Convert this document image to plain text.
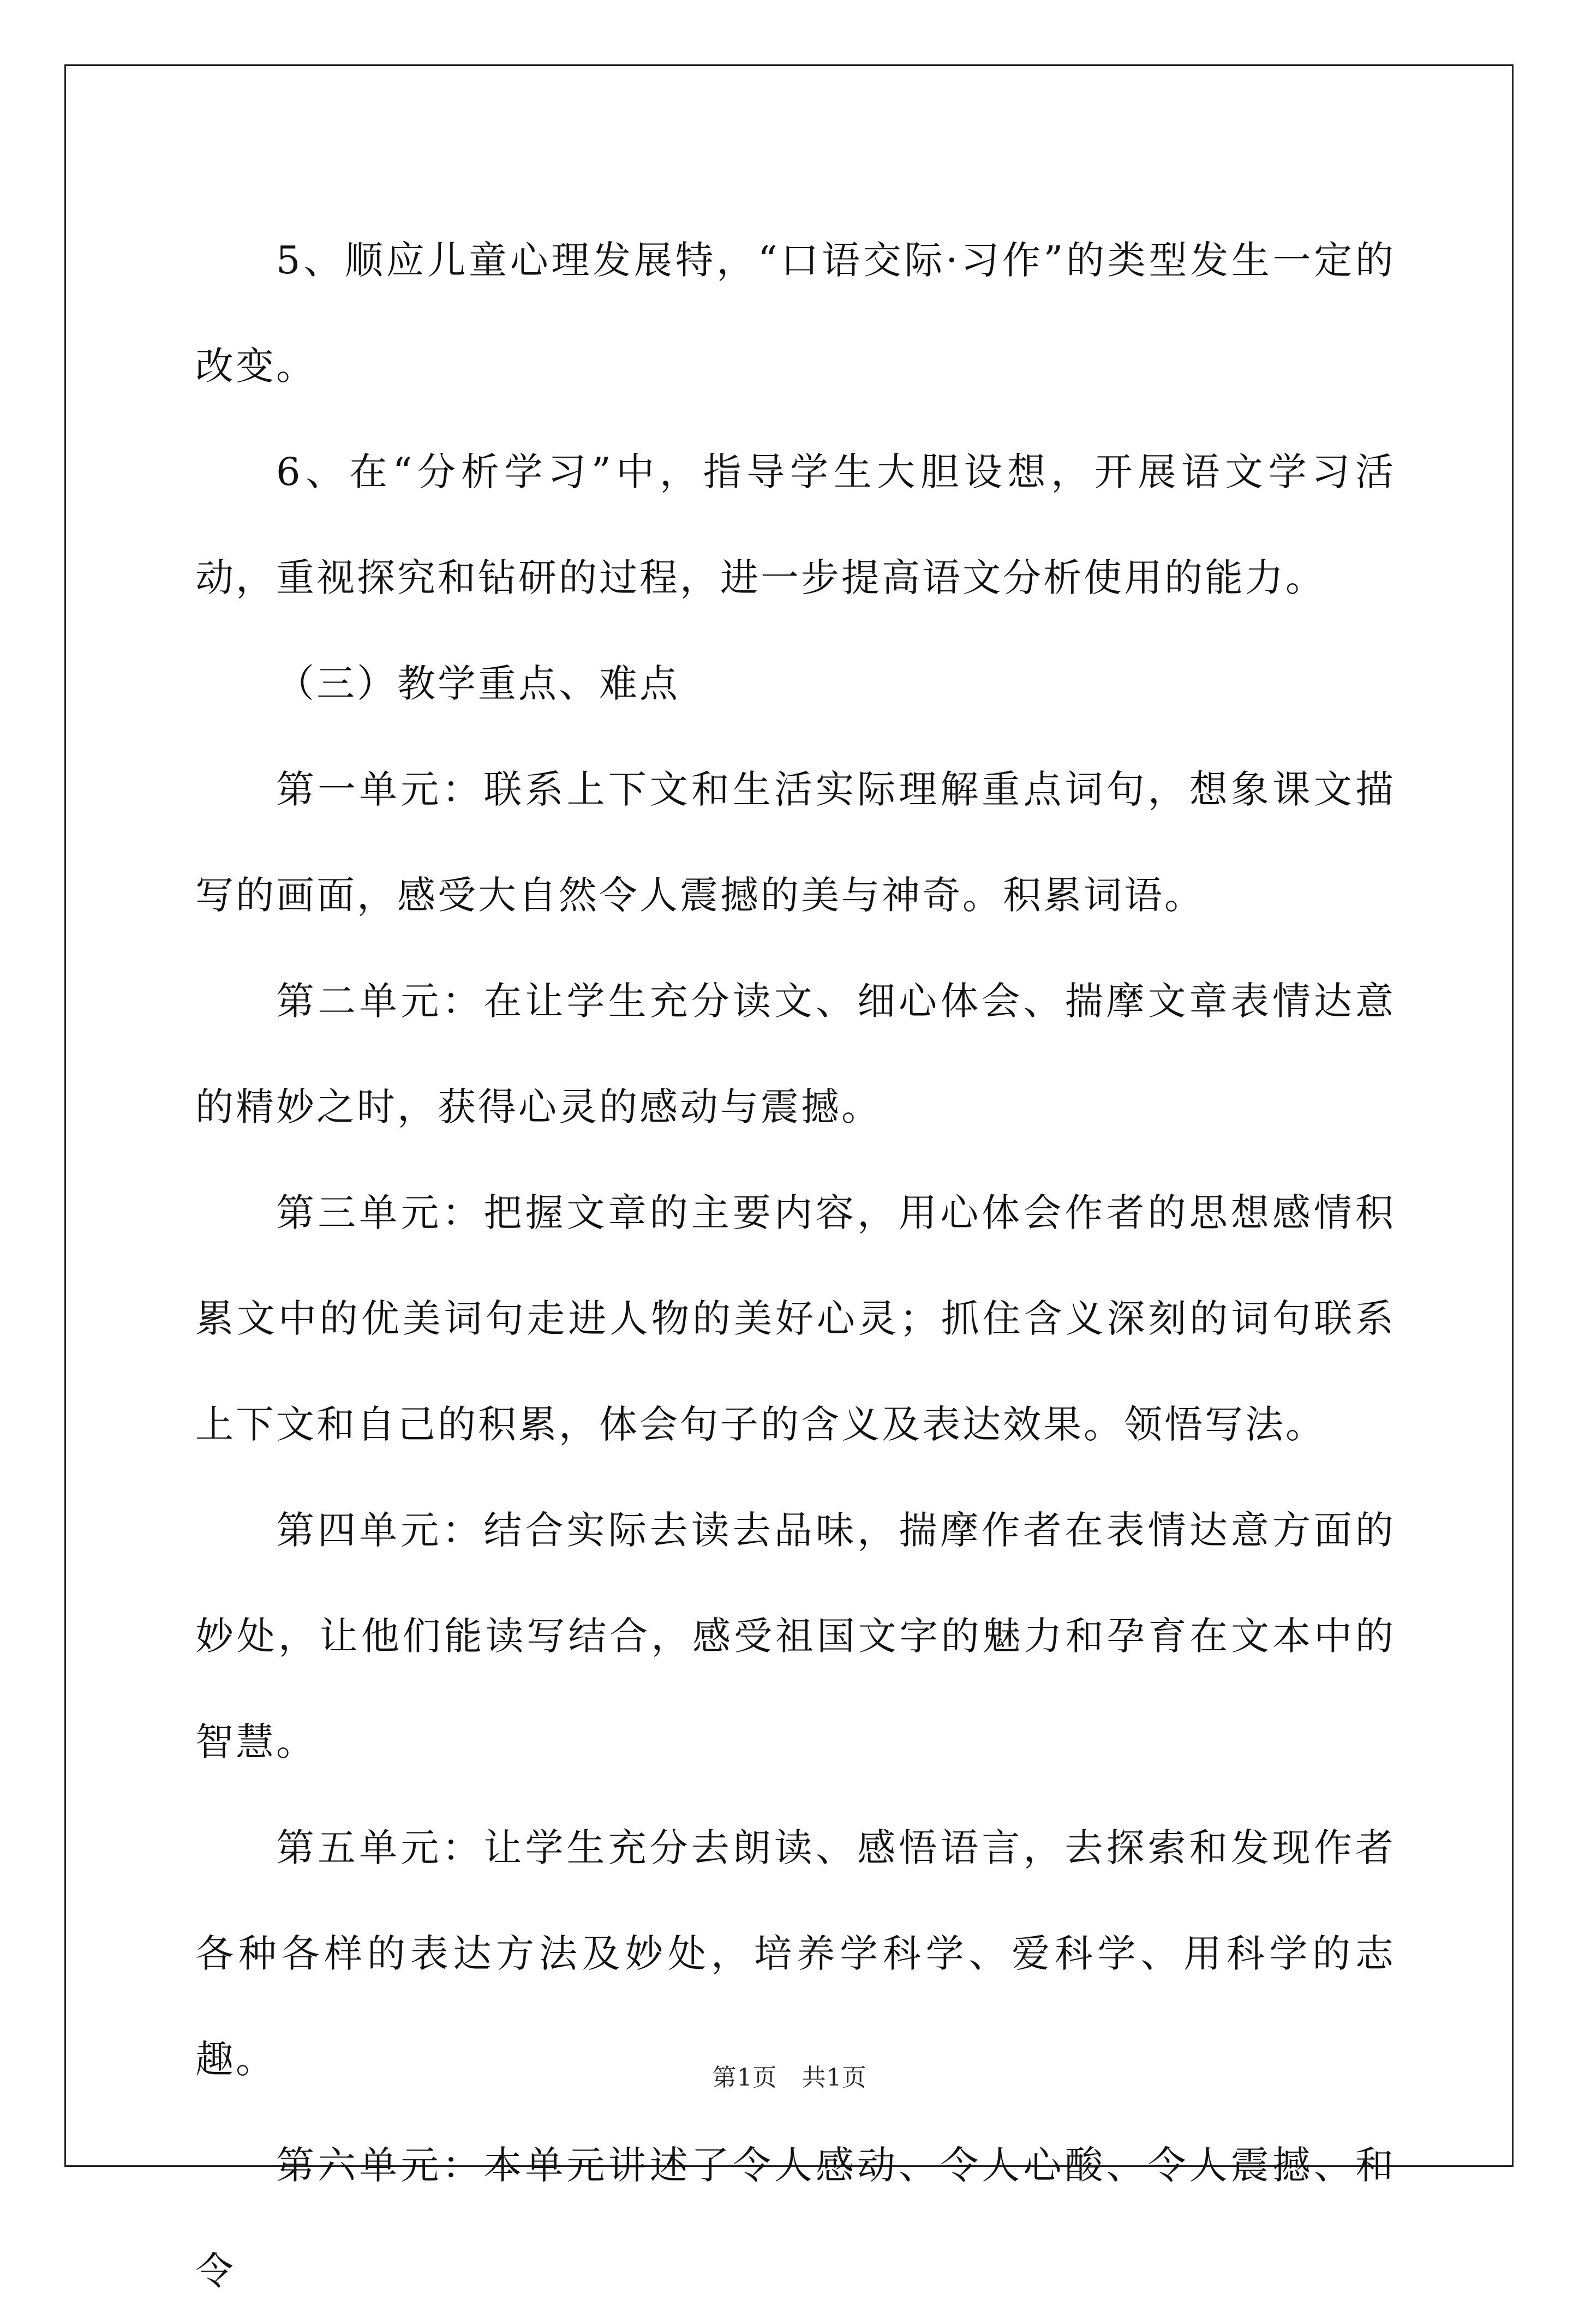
5、顺应儿童心理发展特，“口语交际·习作”的类型发生一定的改变。

6、在“分析学习”中，指导学生大胆设想，开展语文学习活动，重视探究和钻研的过程，进一步提高语文分析使用的能力。

（三）教学重点、难点

第一单元：联系上下文和生活实际理解重点词句，想象课文描写的画面，感受大自然令人震撼的美与神奇。积累词语。

第二单元：在让学生充分读文、细心体会、揣摩文章表情达意的精妙之时，获得心灵的感动与震撼。

第三单元：把握文章的主要内容，用心体会作者的思想感情积累文中的优美词句走进人物的美好心灵；抓住含义深刻的词句联系上下文和自己的积累，体会句子的含义及表达效果。领悟写法。

第四单元：结合实际去读去品味，揣摩作者在表情达意方面的妙处，让他们能读写结合，感受祖国文字的魅力和孕育在文本中的智慧。

第五单元：让学生充分去朗读、感悟语言，去探索和发现作者各种各样的表达方法及妙处，培养学科学、爱科学、用科学的志趣。

第六单元：本单元讲述了令人感动、令人心酸、令人震撼、和令

第1页　共1页
